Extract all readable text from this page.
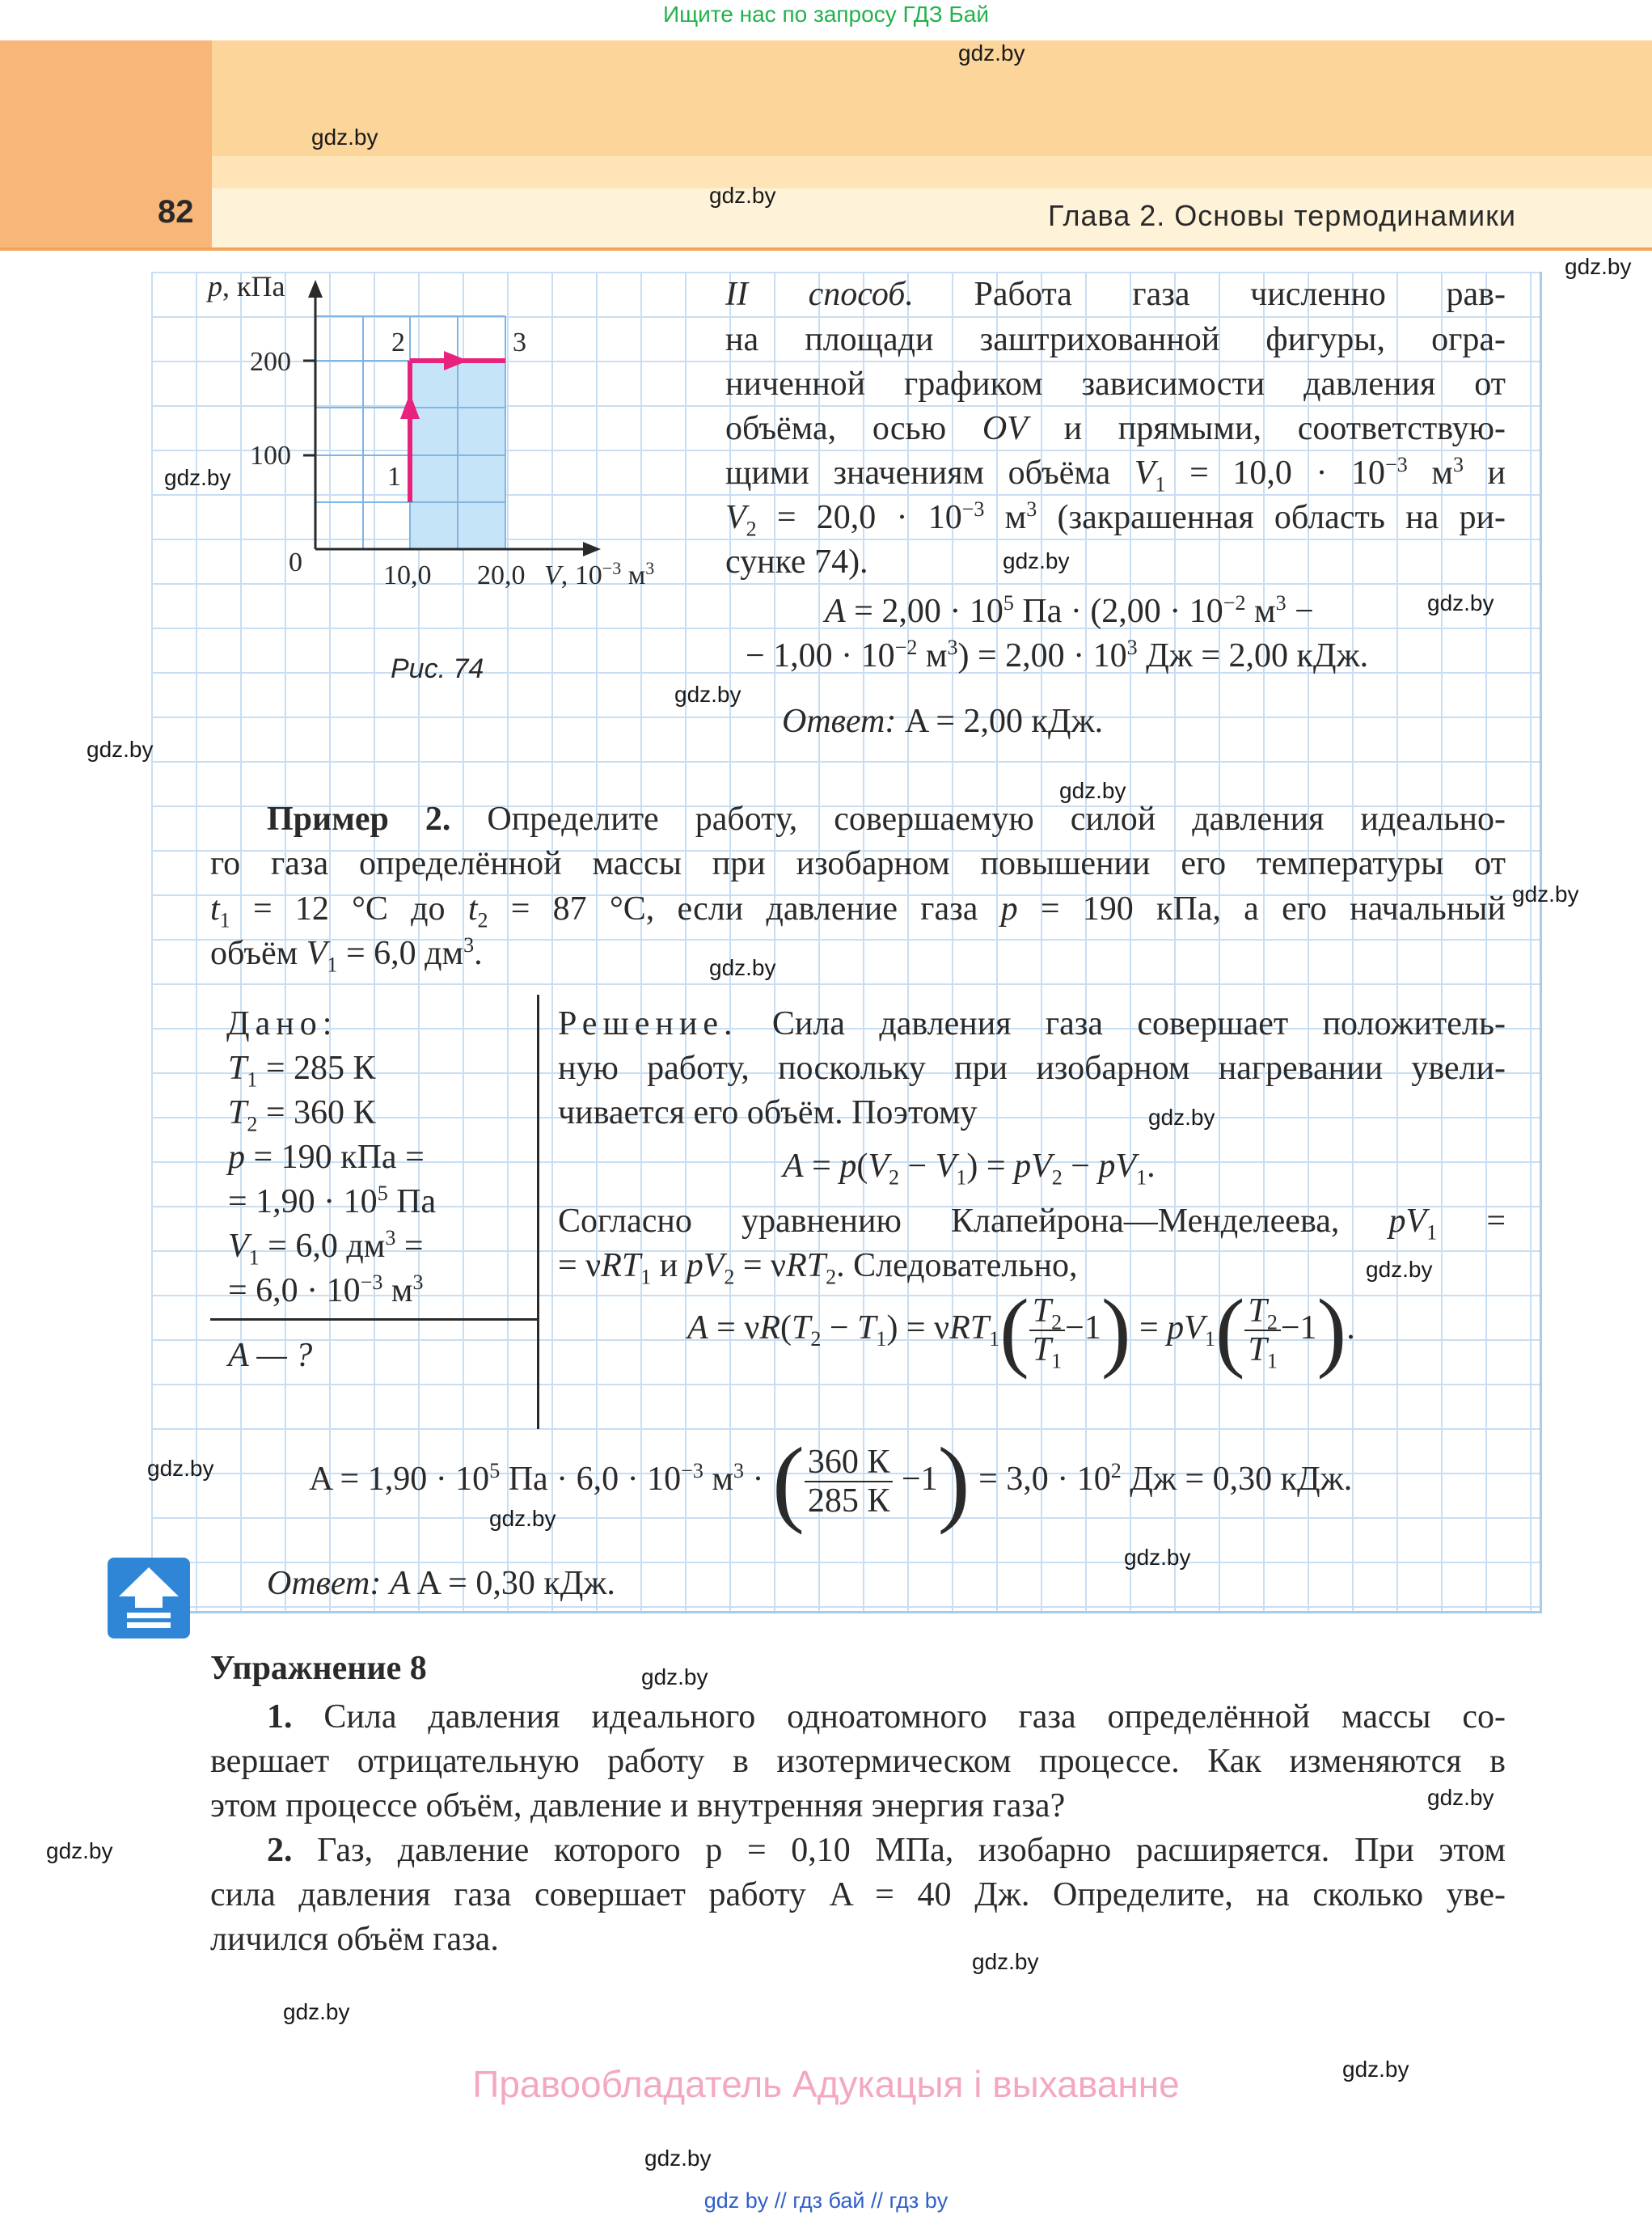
Ищите нас по запросу ГДЗ Бай
82	Глава 2. Основы термодинамики
p, кПа
200
100
0	10,0 20,0 V, $10^{-3}$ $м^3$
1
2	3
Рис. 74
II способ. Работа газа численно рав-
на площади заштрихованной фигуры, огра-
ниченной графиком зависимости давления от
объёма, осью OV и прямыми, соответствую-
щими значениям объёма $V_1 = 10,0 \cdot 10^{-3}$ $м^3$ и
$V_2 = 20,0 \cdot 10^{-3}$ $м^3$ (закрашенная область на ри-
сунке 74).
$A = 2,00 \cdot 10^5$ Па · ($2,00 \cdot 10^{-2}$ $м^3$ −
− $1,00 \cdot 10^{-2}$ $м^3) = 2,00 \cdot 10^3$ Дж = 2,00 кДж.
Ответ: A = 2,00 кДж.
Пример 2. Определите работу, совершаемую силой давления идеально-
го газа определённой массы при изобарном повышении его температуры от
$t_1 = 12$ °C до $t_2 = 87$ °C, если давление газа p = 190 кПа, а его начальный
объём $V_1 = 6,0$ $дм^3$.
Дано:
$T_1 = 285$ К
$T_2 = 360$ К
p = 190 кПа =
= $1,90 \cdot 10^5$ Па
$V_1 = 6,0$ $дм^3$ =
= $6,0 \cdot 10^{-3}$ $м^3$
A — ?
Решение. Сила давления газа совершает положитель-
ную работу, поскольку при изобарном нагревании увели-
чивается его объём. Поэтому
$A = p(V_2 - V_1) = pV_2 - pV_1$.
Согласно уравнению Клапейрона—Менделеева, $pV_1$ =
= νRT$_1$ и $pV_2 = \nu RT_2$. Следовательно,
$A = \nu R(T_2 - T_1) = \nu RT_1( \frac{T_2}{T_1} -1) = pV_1( \frac{T_2}{T_1} -1)$.
$A = 1,90 \cdot 10^5$ Па · $6,0 \cdot 10^{-3}$ $м^3$ · ( $\frac{360 К}{285 К} -1) = 3,0 \cdot 10^2$ Дж = 0,30 кДж.
Ответ: A A = 0,30 кДж.
Упражнение 8
1. Сила давления идеального одноатомного газа определённой массы со-
вершает отрицательную работу в изотермическом процессе. Как изменяются в
этом процессе объём, давление и внутренняя энергия газа?
2. Газ, давление которого p = 0,10 МПа, изобарно расширяется. При этом
сила давления газа совершает работу A = 40 Дж. Определите, на сколько уве-
личился объём газа.
Правообладатель Адукацыя і выхаванне
gdz by // гдз бай // гдз by
gdz.by
gdz.by
gdz.by
gdz.by
gdz.by
gdz.by
gdz.by
gdz.by
gdz.by
gdz.by
gdz.by
gdz.by
gdz.by
gdz.by
gdz.by
gdz.by
gdz.by
gdz.by
gdz.by
gdz.by
gdz.by
gdz.by
gdz.by
gdz.by
